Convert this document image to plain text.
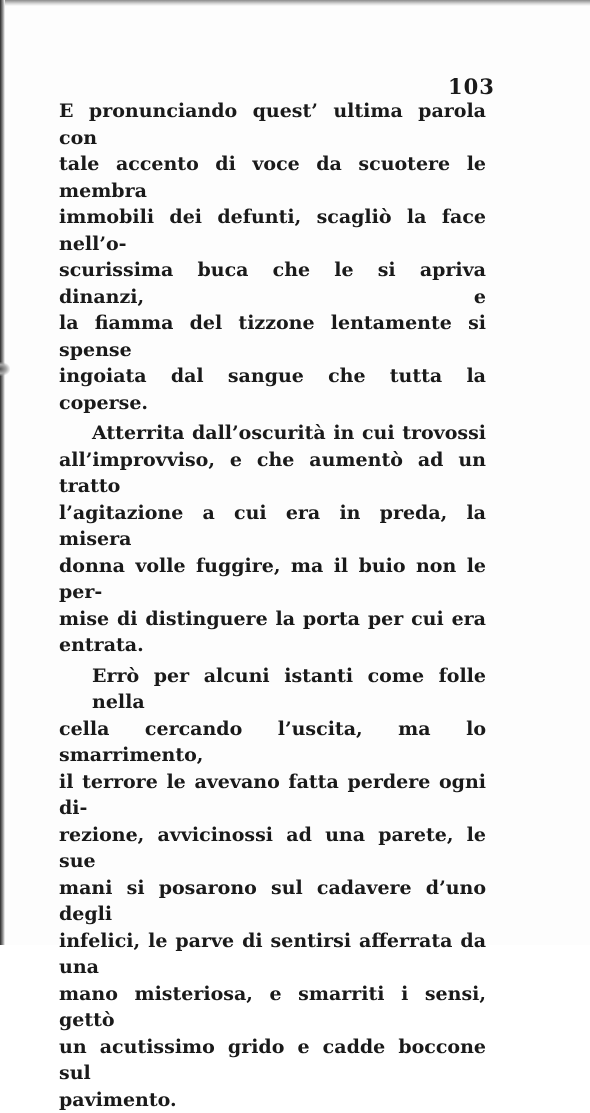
103

E pronunciando quest’ ultima parola con
tale accento di voce da scuotere le membra
immobili dei defunti, scagliò la face nell’o-
scurissima buca che le si apriva dinanzi, e
la fiamma del tizzone lentamente si spense
ingoiata dal sangue che tutta la coperse.

Atterrita dall’oscurità in cui trovossi
all’improvviso, e che aumentò ad un tratto
l’agitazione a cui era in preda, la misera
donna volle fuggire, ma il buio non le per-
mise di distinguere la porta per cui era
entrata.

Errò per alcuni istanti come folle nella
cella cercando l’uscita, ma lo smarrimento,
il terrore le avevano fatta perdere ogni di-
rezione, avvicinossi ad una parete, le sue
mani si posarono sul cadavere d’uno degli
infelici, le parve di sentirsi afferrata da una
mano misteriosa, e smarriti i sensi, gettò
un acutissimo grido e cadde boccone sul
pavimento.
